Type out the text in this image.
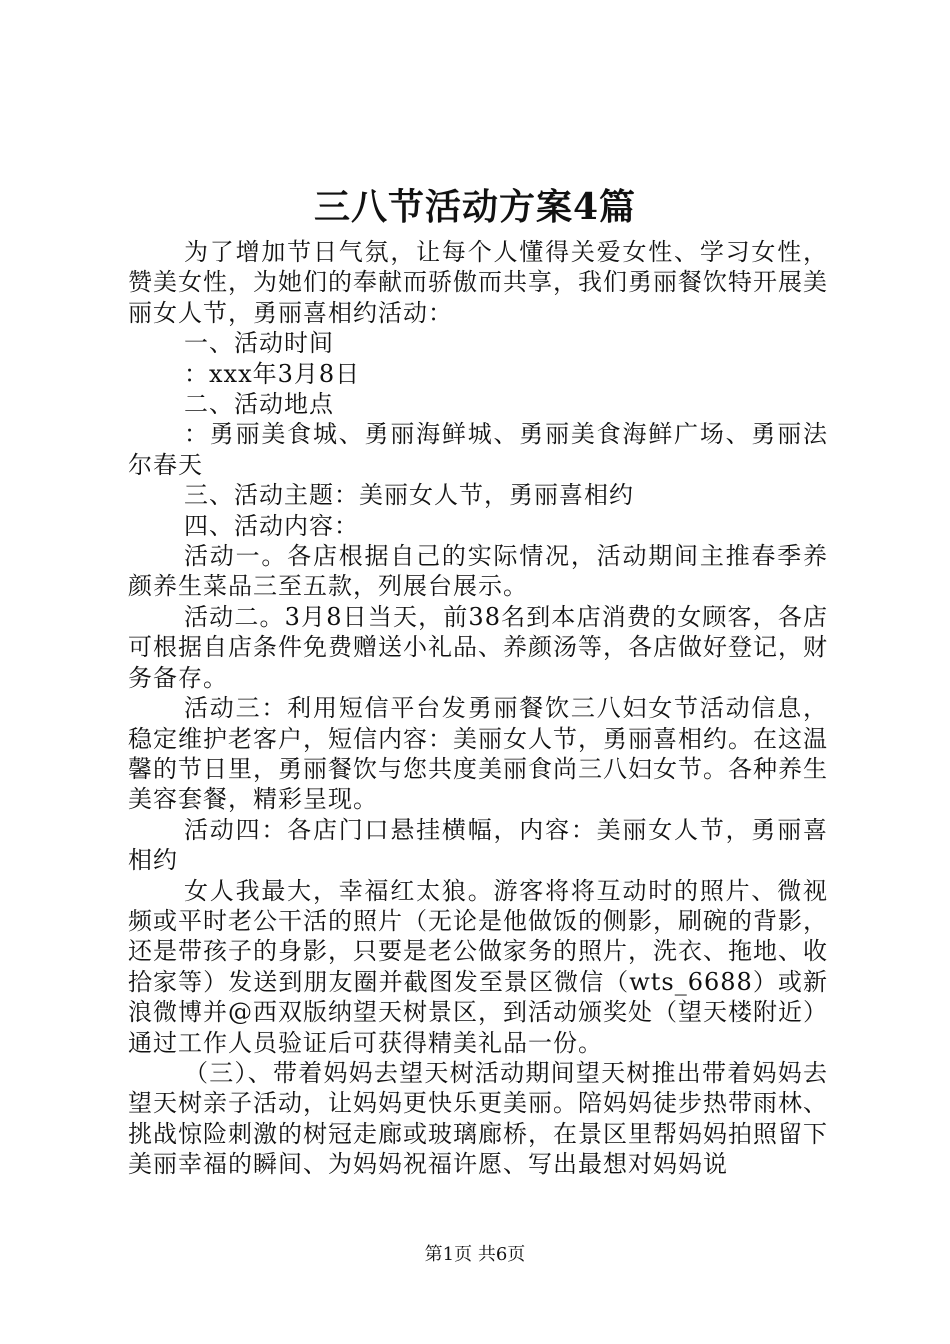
三八节活动方案4篇

为了增加节日气氛，让每个人懂得关爱女性、学习女性，赞美女性，为她们的奉献而骄傲而共享，我们勇丽餐饮特开展美丽女人节，勇丽喜相约活动：

一、活动时间

：xxx年3月8日

二、活动地点

：勇丽美食城、勇丽海鲜城、勇丽美食海鲜广场、勇丽法尔春天

三、活动主题：美丽女人节，勇丽喜相约

四、活动内容：

活动一。各店根据自己的实际情况，活动期间主推春季养颜养生菜品三至五款，列展台展示。

活动二。3月8日当天，前38名到本店消费的女顾客，各店可根据自店条件免费赠送小礼品、养颜汤等，各店做好登记，财务备存。

活动三：利用短信平台发勇丽餐饮三八妇女节活动信息，稳定维护老客户，短信内容：美丽女人节，勇丽喜相约。在这温馨的节日里，勇丽餐饮与您共度美丽食尚三八妇女节。各种养生美容套餐，精彩呈现。

活动四：各店门口悬挂横幅，内容：美丽女人节，勇丽喜相约

女人我最大，幸福红太狼。游客将将互动时的照片、微视频或平时老公干活的照片（无论是他做饭的侧影，刷碗的背影，还是带孩子的身影，只要是老公做家务的照片，洗衣、拖地、收拾家等）发送到朋友圈并截图发至景区微信（wts_6688）或新浪微博并@西双版纳望天树景区，到活动颁奖处（望天楼附近）通过工作人员验证后可获得精美礼品一份。

（三）、带着妈妈去望天树活动期间望天树推出带着妈妈去望天树亲子活动，让妈妈更快乐更美丽。陪妈妈徒步热带雨林、挑战惊险刺激的树冠走廊或玻璃廊桥，在景区里帮妈妈拍照留下美丽幸福的瞬间、为妈妈祝福许愿、写出最想对妈妈说

第1页 共6页
